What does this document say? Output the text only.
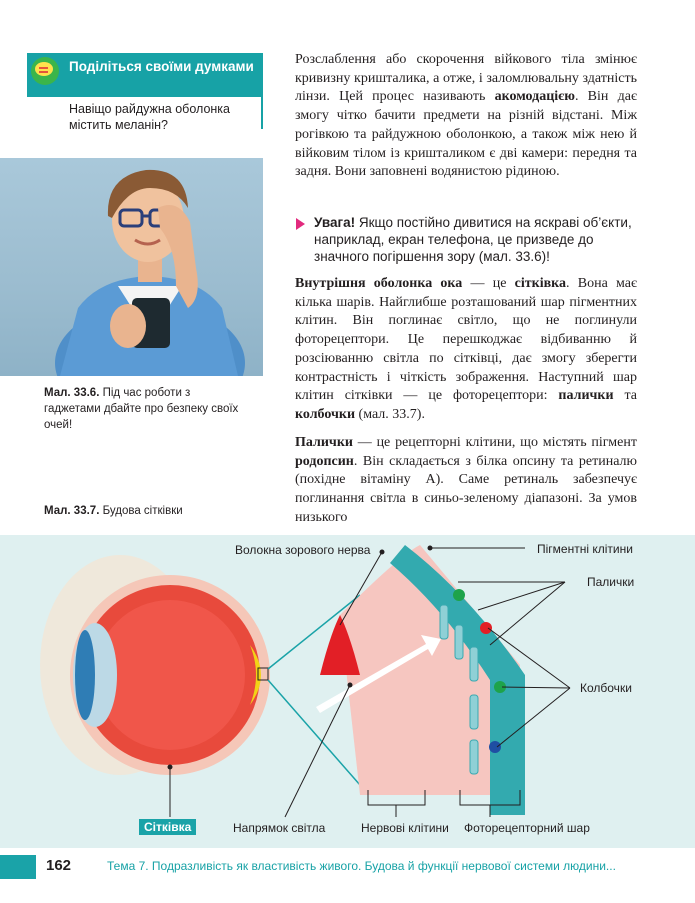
Поділіться своїми думками
Навіщо райдужна оболонка містить меланін?
Мал. 33.6. Під час роботи з гаджетами дбайте про безпеку своїх очей!
Мал. 33.7. Будова сітківки
Розслаблення або скорочення війкового тіла змінює кривизну кришталика, а отже, і заломлювальну здатність лінзи. Цей процес називають акомодацією. Він дає змогу чітко бачити предмети на різній відстані. Між рогівкою та райдужною оболонкою, а також між нею й війковим тілом із кришталиком є дві камери: передня та задня. Вони заповнені водянистою рідиною.
Увага! Якщо постійно дивитися на яскраві об’єкти, наприклад, екран телефона, це призведе до значного погіршення зору (мал. 33.6)!
Внутрішня оболонка ока — це сітківка. Вона має кілька шарів. Найглибше розташований шар пігментних клітин. Він поглинає світло, що не поглинули фоторецептори. Це перешкоджає відбиванню й розсіюванню світла по сітківці, дає змогу зберегти контрастність і чіткість зображення. Наступний шар клітин сітківки — це фоторецептори: палички та колбочки (мал. 33.7).
Палички — це рецепторні клітини, що містять пігмент родопсин. Він складається з білка опсину та ретиналю (похідне вітаміну А). Саме ретиналь забезпечує поглинання світла в синьо-зеленому діапазоні. За умов низького
Волокна зорового нерва	Пігментні клітини
Палички
Колбочки
Сітківка	Напрямок світла	Нервові клітини Фоторецепторний шар
162	Тема 7. Подразливість як властивість живого. Будова й функції нервової системи людини...
